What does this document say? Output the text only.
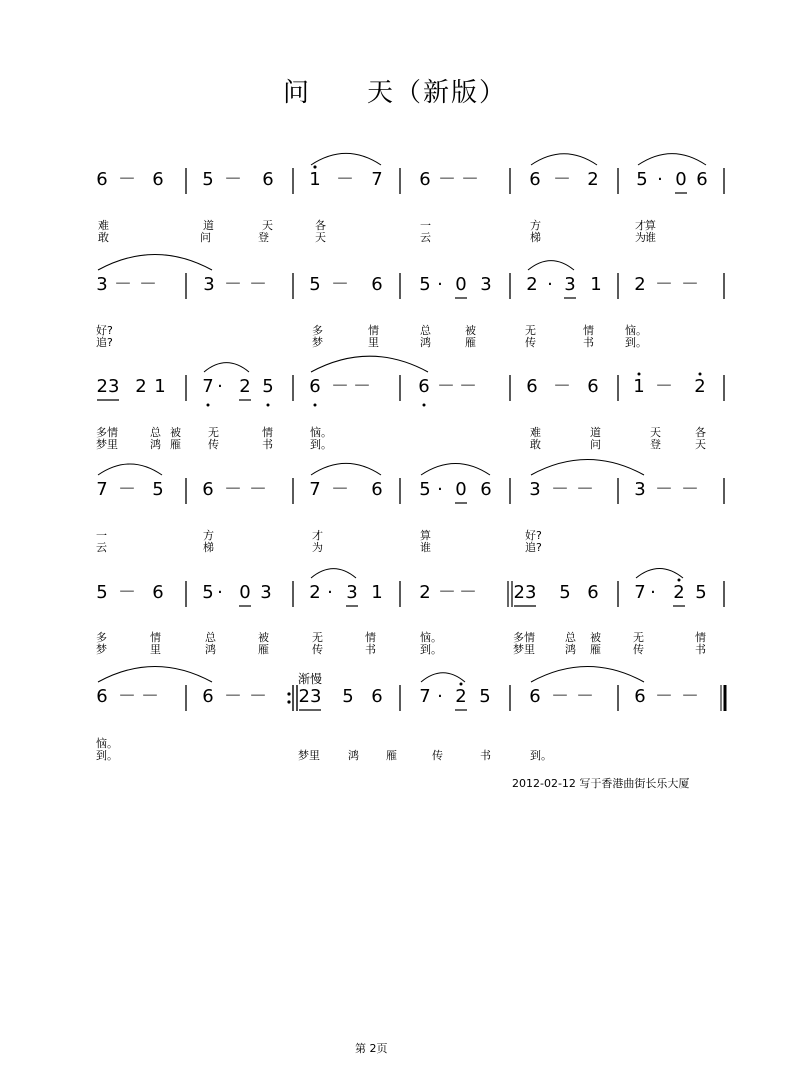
问　　天（新版）
6 － 6 5 － 6 1 － 7 6 － －	6 － 2 5 · 0 6
难	道	天	各	一	方	才 算
敢	问	登	天	云	梯	为 谁
3 － －	3 － － 5 － 6 5 · 0 3 2 · 3 1 2 － －
好?	多	情	总	被	无	情	恼。
追?	梦	里	鸿	雁	传	书	到。
23 2 1 7 · 2 5 6 － －	6 － －	6 － 6 1 － 2
多情	总 被 无	情	恼。	难	道	天	各
梦里	鸿 雁 传	书	到。	敢	问	登	天
7 － 5 6 － － 7 － 6 5 · 0 6 3 － － 3 － －
一	方	才	算	好?
云	梯	为	谁	追?
5 － 6 5 · 0 3 2 · 3 1 2 － － 23 5 6 7 · 2 5
多	情	总	被	无	情	恼。	多情	总 被	无	情
梦	里	鸿	雁	传	书	到。	梦里	鸿 雁	传	书
6 － － 6 － － 23 5 6 7 · 2 5 6 － － 6 － －
恼。
到。	梦里	鸿 雁	传	书	到。
渐慢
2012-02-12 写于香港曲街长乐大厦
第 2页
